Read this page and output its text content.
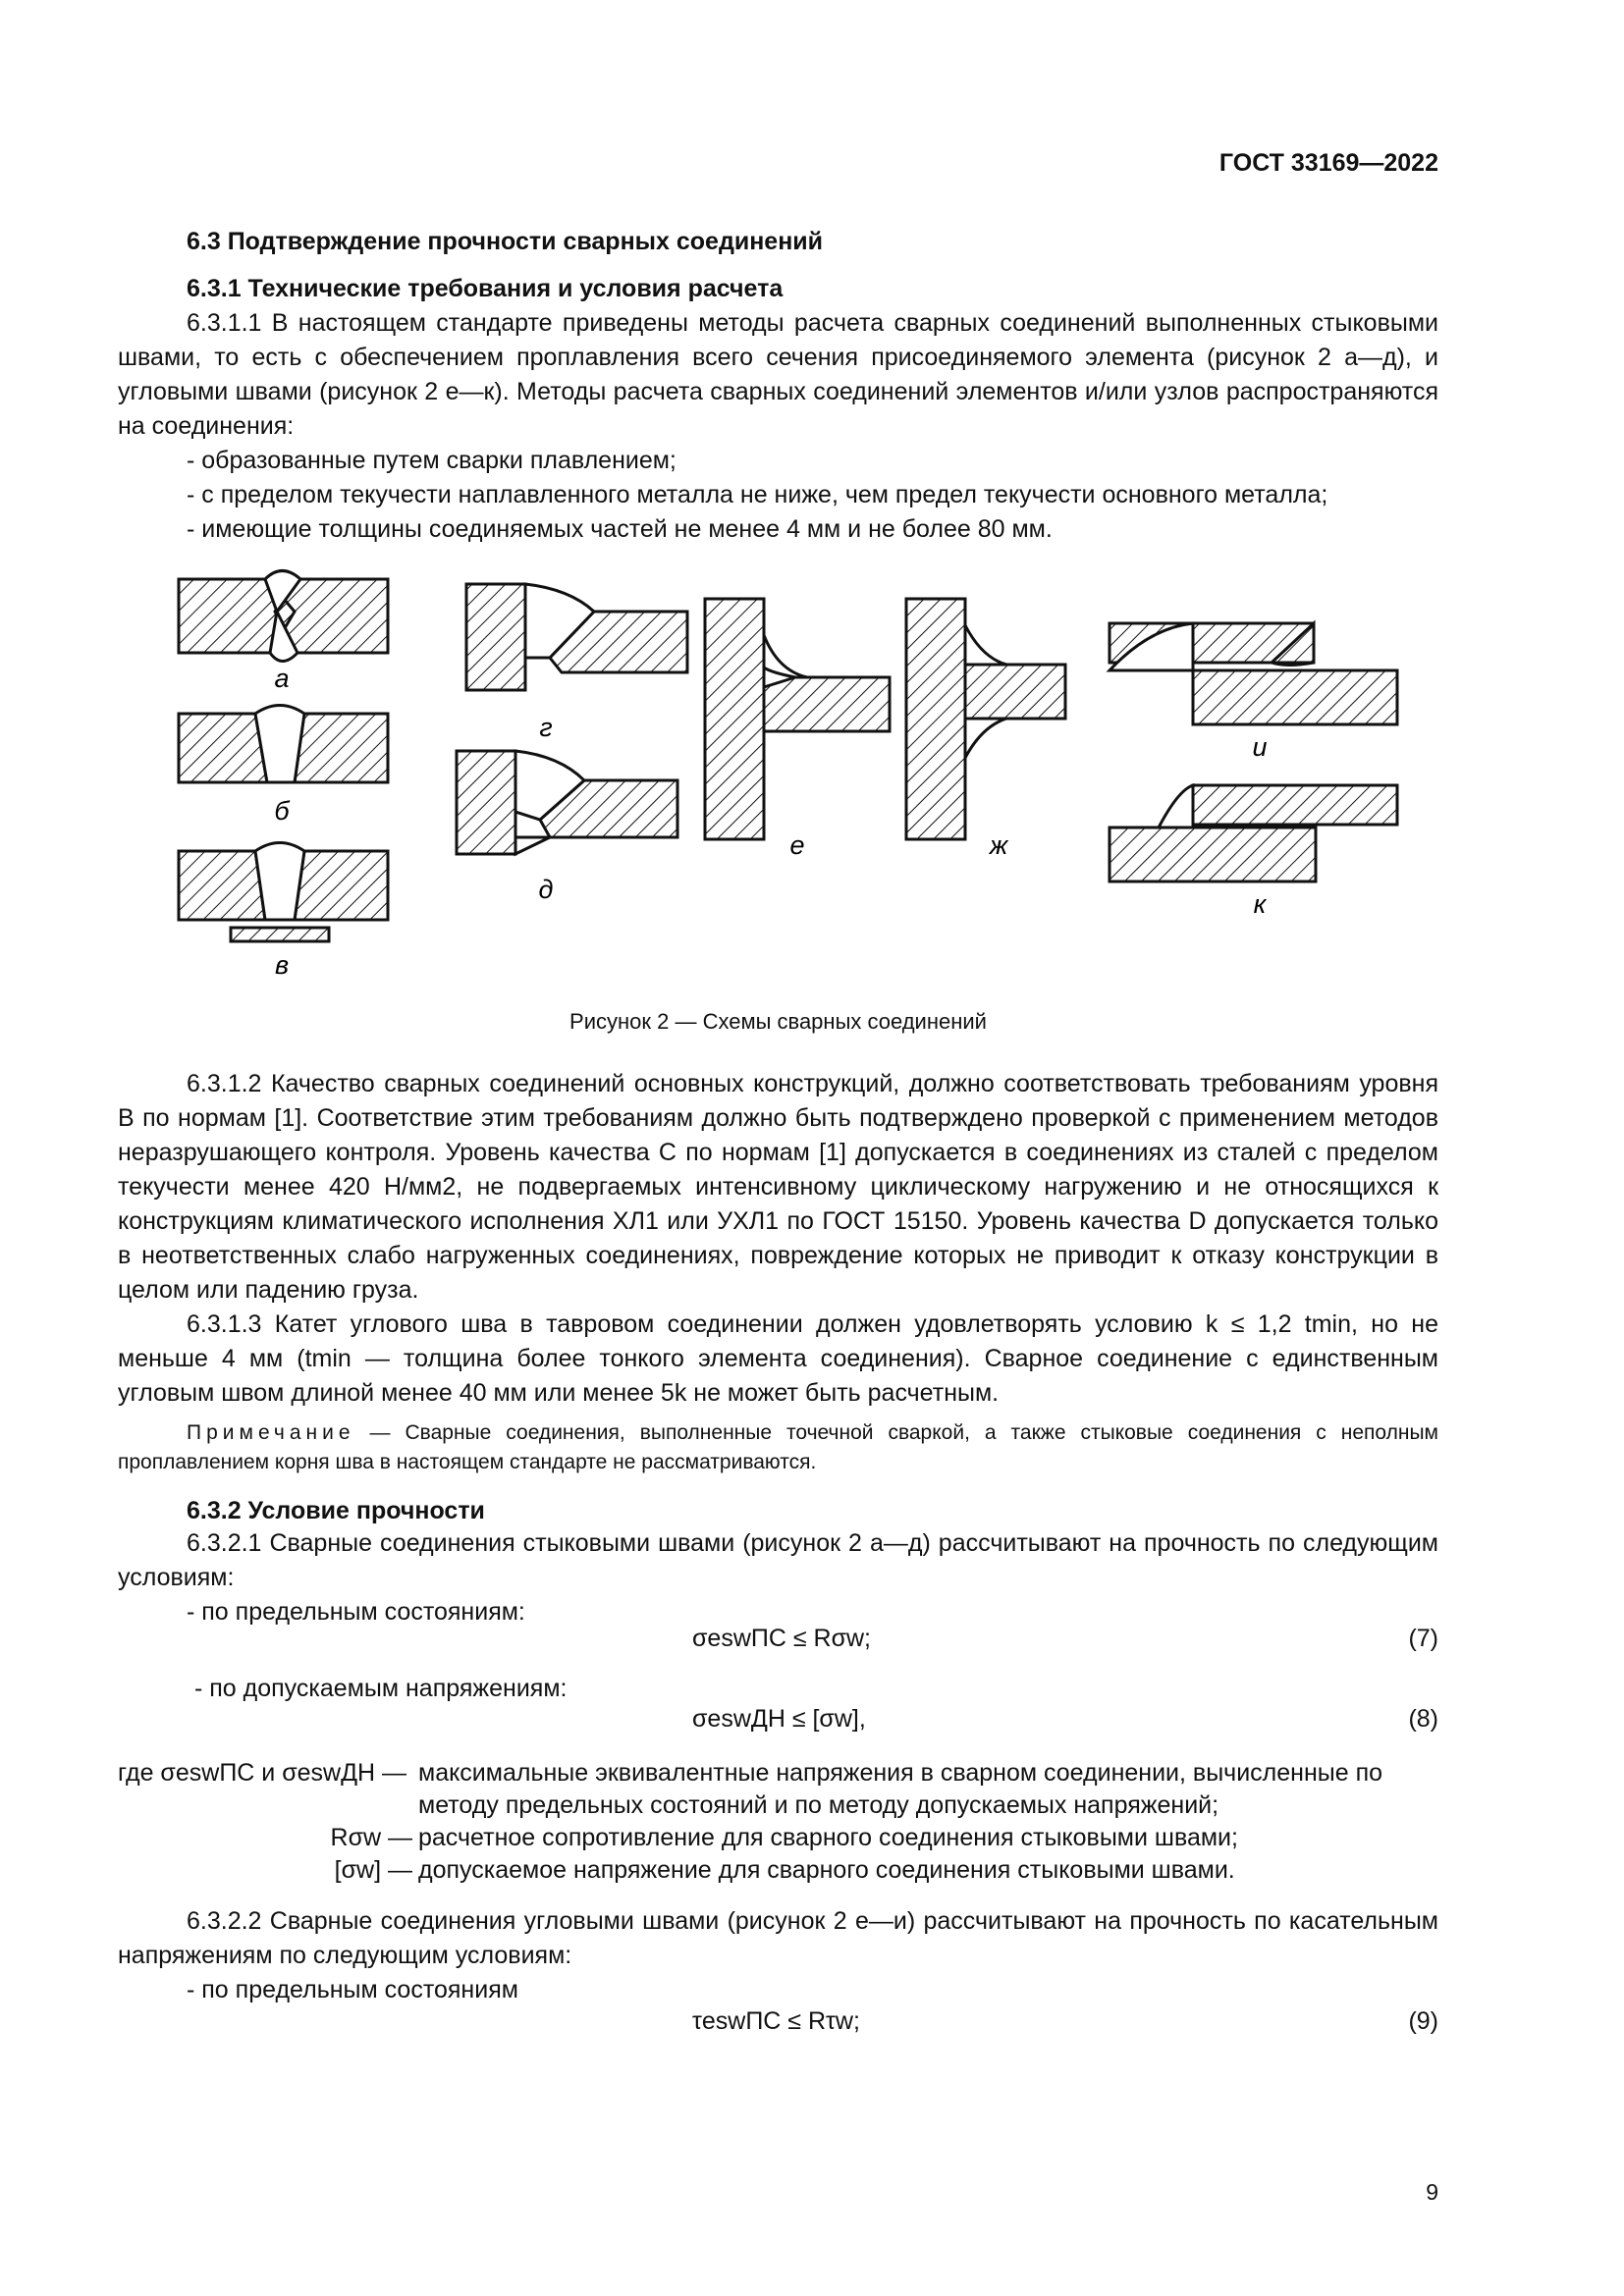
ГОСТ 33169—2022
6.3 Подтверждение прочности сварных соединений
6.3.1 Технические требования и условия расчета

6.3.1.1 В настоящем стандарте приведены методы расчета сварных соединений выполненных стыковыми швами, то есть с обеспечением проплавления всего сечения присоединяемого элемента (рисунок 2 а—д), и угловыми швами (рисунок 2 е—к). Методы расчета сварных соединений элементов и/или узлов распространяются на соединения:

- образованные путем сварки плавлением;

- с пределом текучести наплавленного металла не ниже, чем предел текучести основного металла;

- имеющие толщины соединяемых частей не менее 4 мм и не более 80 мм.

а
б
в
г
д
е	ж
и
к
Рисунок 2 — Схемы сварных соединений

6.3.1.2 Качество сварных соединений основных конструкций, должно соответствовать требованиям уровня B по нормам [1]. Соответствие этим требованиям должно быть подтверждено проверкой с применением методов неразрушающего контроля. Уровень качества C по нормам [1] допускается в соединениях из сталей с пределом текучести менее 420 Н/мм2, не подвергаемых интенсивному циклическому нагружению и не относящихся к конструкциям климатического исполнения ХЛ1 или УХЛ1 по ГОСТ 15150. Уровень качества D допускается только в неответственных слабо нагруженных соединениях, повреждение которых не приводит к отказу конструкции в целом или падению груза.

6.3.1.3 Катет углового шва в тавровом соединении должен удовлетворять условию k ≤ 1,2 tmin, но не меньше 4 мм (tmin — толщина более тонкого элемента соединения). Сварное соединение с единственным угловым швом длиной менее 40 мм или менее 5k не может быть расчетным.

Примечание — Сварные соединения, выполненные точечной сваркой, а также стыковые соединения с неполным проплавлением корня шва в настоящем стандарте не рассматриваются.
6.3.2 Условие прочности

6.3.2.1 Сварные соединения стыковыми швами (рисунок 2 а—д) рассчитывают на прочность по следующим условиям:

- по предельным состояниям:

σeswПС ≤ Rσw;	(7)

- по допускаемым напряжениям:

σeswДН ≤ [σw],	(8)
где σeswПС и σeswДН —	максимальные эквивалентные напряжения в сварном соединении, вычисленные по методу предельных состояний и по методу допускаемых напряжений;
Rσw —	расчетное сопротивление для сварного соединения стыковыми швами;
[σw] —	допускаемое напряжение для сварного соединения стыковыми швами.

6.3.2.2 Сварные соединения угловыми швами (рисунок 2 е—и) рассчитывают на прочность по касательным напряжениям по следующим условиям:

- по предельным состояниям

τeswПС ≤ Rτw;	(9)
9
